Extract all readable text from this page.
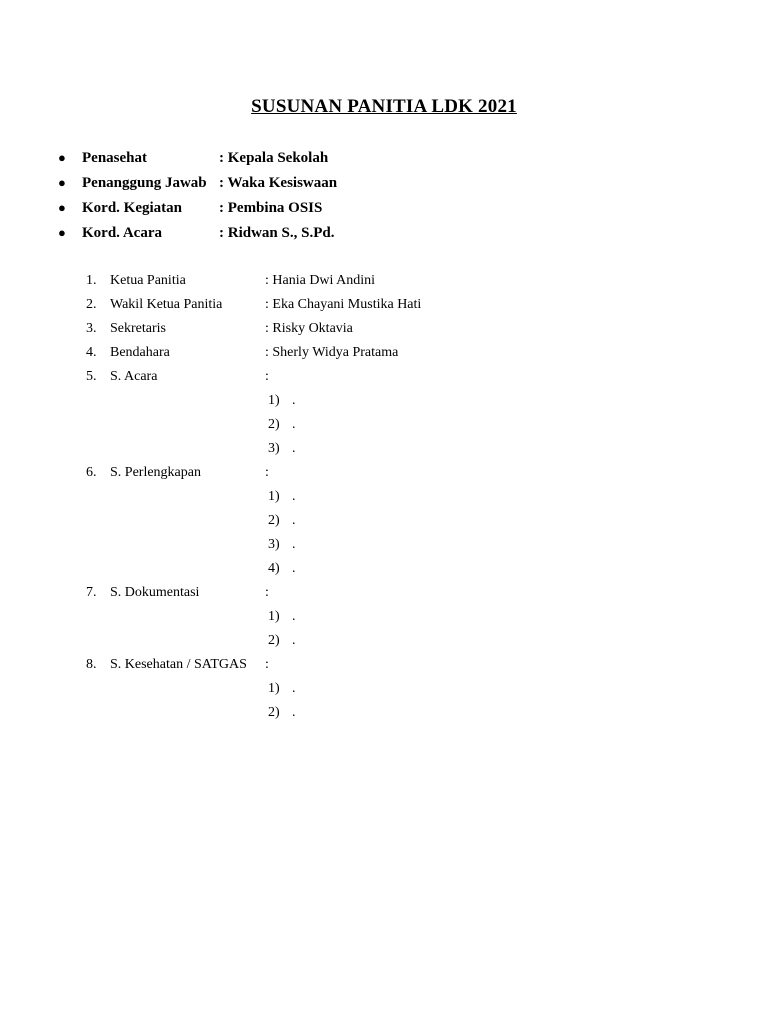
SUSUNAN PANITIA LDK 2021
● Penasehat	: Kepala Sekolah
● Penanggung Jawab : Waka Kesiswaan
● Kord. Kegiatan : Pembina OSIS
● Kord. Acara	: Ridwan S., S.Pd.
1. Ketua Panitia	: Hania Dwi Andini
2. Wakil Ketua Panitia	: Eka Chayani Mustika Hati
3. Sekretaris	: Risky Oktavia
4. Bendahara	: Sherly Widya Pratama
5. S. Acara	:
1) .
2) .
3) .
6. S. Perlengkapan	:
1) .
2) .
3) .
4) .
7. S. Dokumentasi	:
1) .
2) .
8. S. Kesehatan / SATGAS :
1) .
2) .
